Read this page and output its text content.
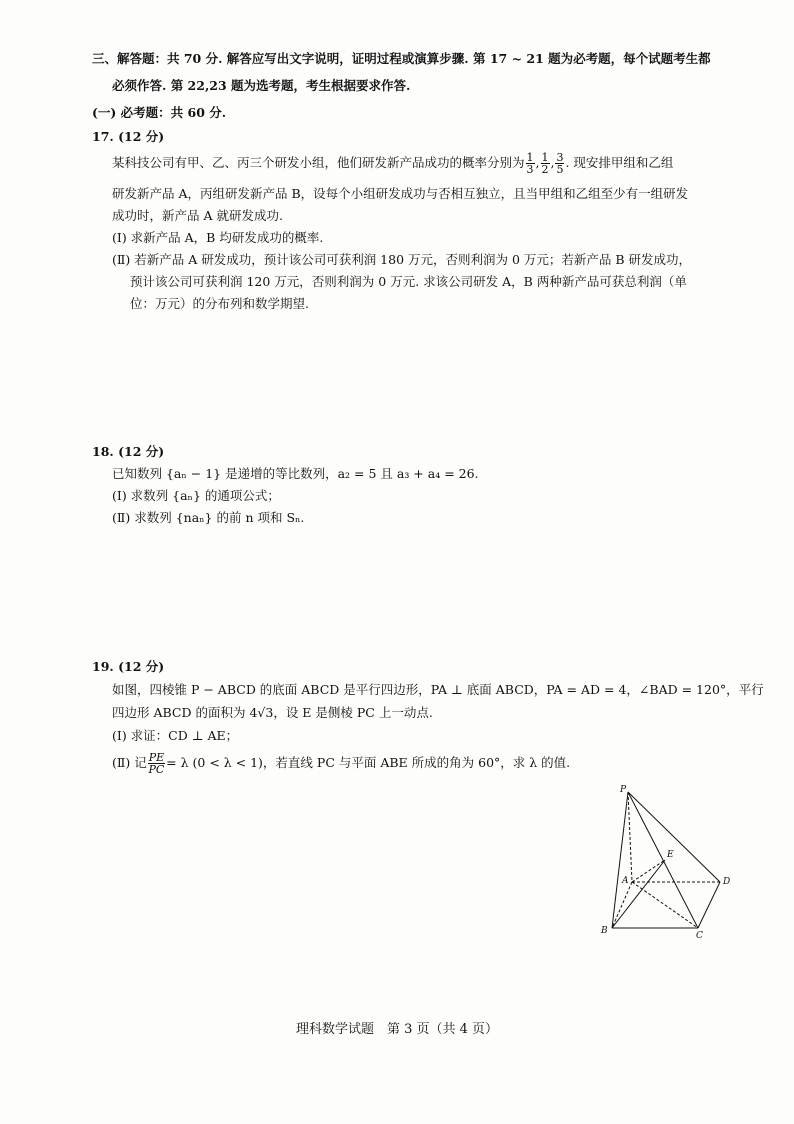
三、解答题：共 70 分. 解答应写出文字说明，证明过程或演算步骤. 第 17 ~ 21 题为必考题，每个试题考生都
必须作答. 第 22,23 题为选考题，考生根据要求作答.
(一) 必考题：共 60 分.
17. (12 分)
某科技公司有甲、乙、丙三个研发小组，他们研发新产品成功的概率分别为 $\frac{1}{3}$ , $\frac{1}{2}$ , $\frac{3}{5}$ . 现安排甲组和乙组
研发新产品 A，丙组研发新产品 B，设每个小组研发成功与否相互独立，且当甲组和乙组至少有一组研发
成功时，新产品 A 就研发成功.
(Ⅰ) 求新产品 A，B 均研发成功的概率.
(Ⅱ) 若新产品 A 研发成功，预计该公司可获利润 180 万元，否则利润为 0 万元；若新产品 B 研发成功，
预计该公司可获利润 120 万元，否则利润为 0 万元. 求该公司研发 A，B 两种新产品可获总利润（单
位：万元）的分布列和数学期望.
18. (12 分)
已知数列 {aₙ − 1} 是递增的等比数列，a₂ = 5 且 a₃ + a₄ = 26.
(Ⅰ) 求数列 {aₙ} 的通项公式；
(Ⅱ) 求数列 {naₙ} 的前 n 项和 Sₙ.
19. (12 分)
如图，四棱锥 P − ABCD 的底面 ABCD 是平行四边形，PA ⊥ 底面 ABCD，PA = AD = 4，∠BAD = 120°，平行
四边形 ABCD 的面积为 4√3，设 E 是侧棱 PC 上一动点.
(Ⅰ) 求证：CD ⊥ AE；
(Ⅱ) 记 $\frac{PE}{PC} = \lambda$ (0 < λ < 1)，若直线 PC 与平面 ABE 所成的角为 60°，求 λ 的值.
P
E
A	D
B	C
理科数学试题　第 3 页（共 4 页）
